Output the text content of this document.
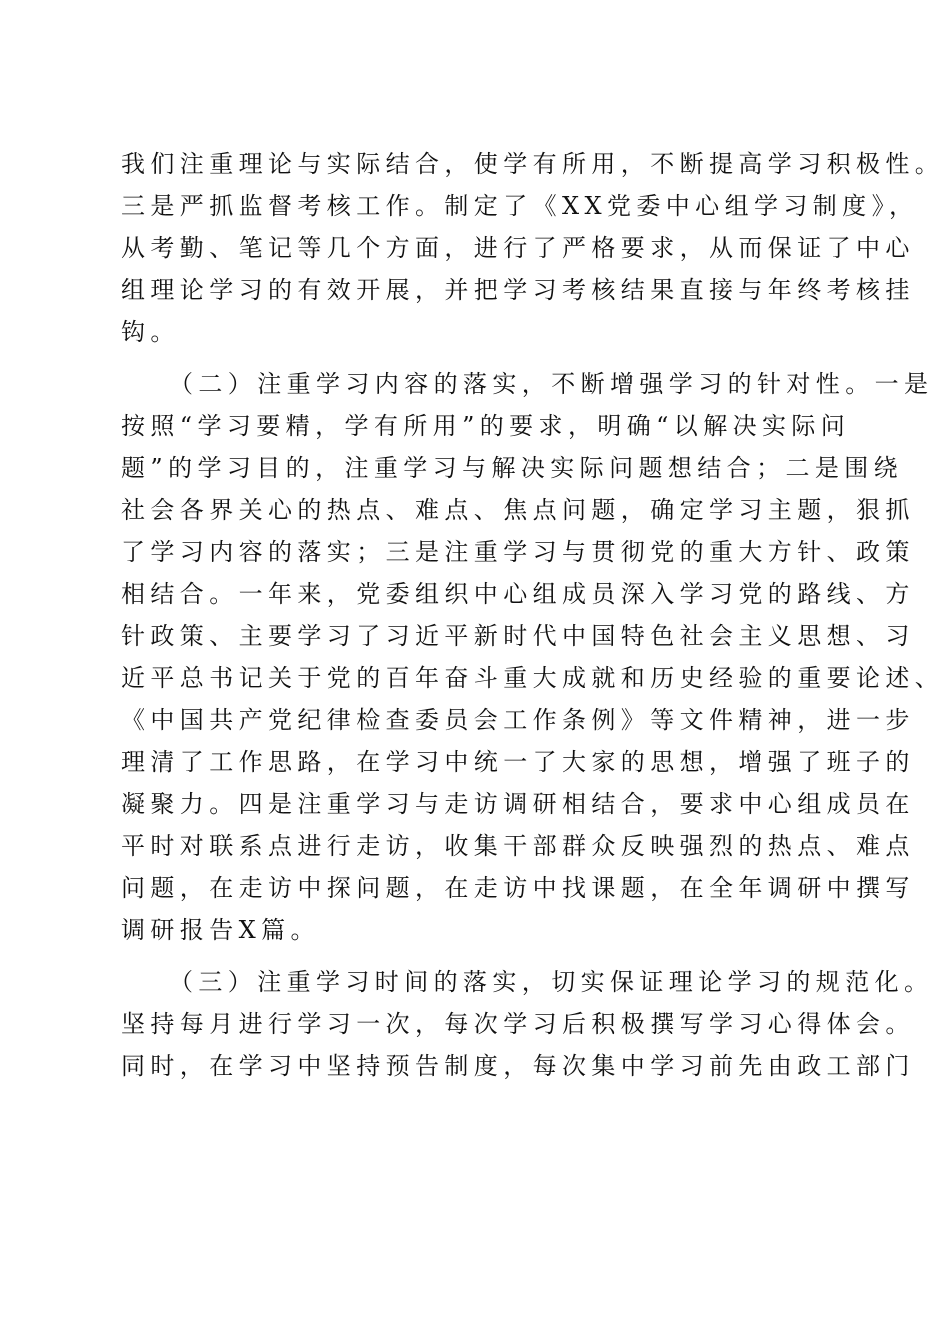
我们注重理论与实际结合，使学有所用，不断提高学习积极性。
三是严抓监督考核工作。制定了《XX党委中心组学习制度》，
从考勤、笔记等几个方面，进行了严格要求，从而保证了中心
组理论学习的有效开展，并把学习考核结果直接与年终考核挂
钩。
（二）注重学习内容的落实，不断增强学习的针对性。一是
按照“学习要精，学有所用”的要求，明确“以解决实际问
题”的学习目的，注重学习与解决实际问题想结合；二是围绕
社会各界关心的热点、难点、焦点问题，确定学习主题，狠抓
了学习内容的落实；三是注重学习与贯彻党的重大方针、政策
相结合。一年来，党委组织中心组成员深入学习党的路线、方
针政策、主要学习了习近平新时代中国特色社会主义思想、习
近平总书记关于党的百年奋斗重大成就和历史经验的重要论述、
《中国共产党纪律检查委员会工作条例》等文件精神，进一步
理清了工作思路，在学习中统一了大家的思想，增强了班子的
凝聚力。四是注重学习与走访调研相结合，要求中心组成员在
平时对联系点进行走访，收集干部群众反映强烈的热点、难点
问题，在走访中探问题，在走访中找课题，在全年调研中撰写
调研报告X篇。
（三）注重学习时间的落实，切实保证理论学习的规范化。
坚持每月进行学习一次，每次学习后积极撰写学习心得体会。
同时，在学习中坚持预告制度，每次集中学习前先由政工部门
